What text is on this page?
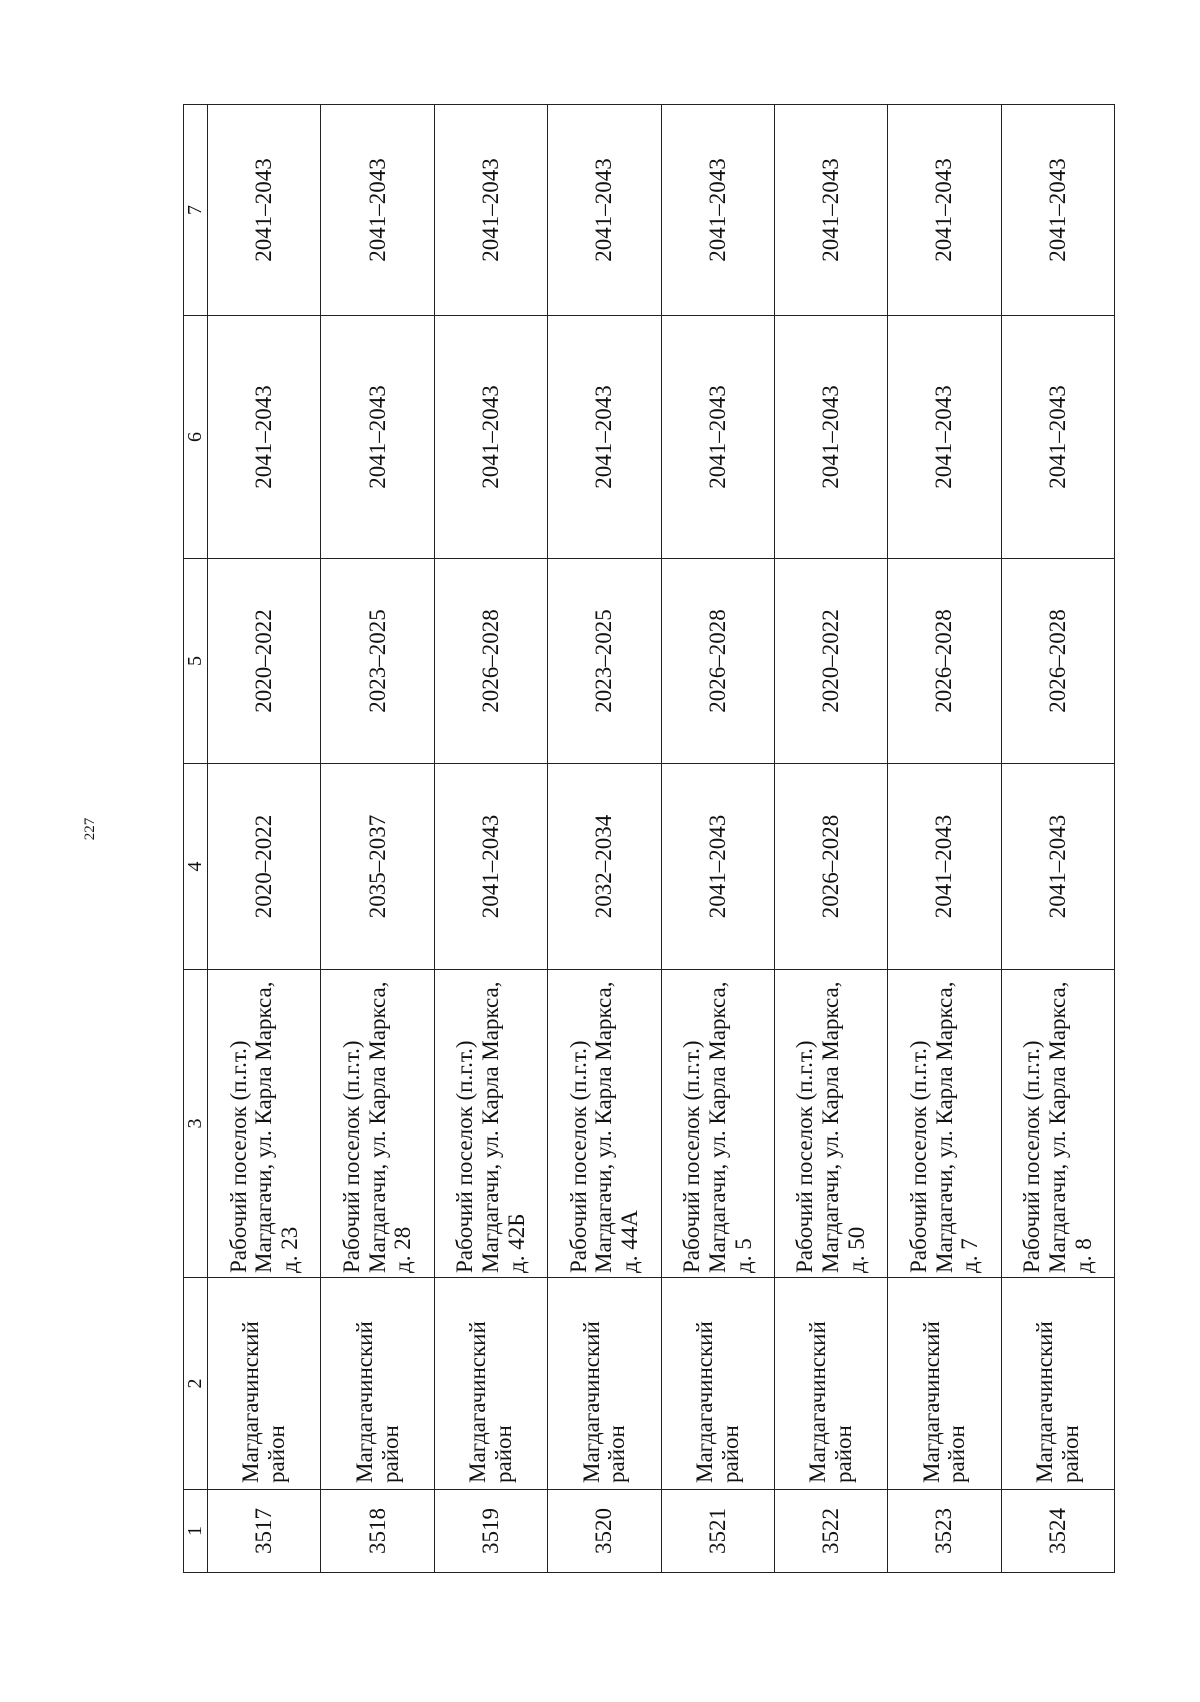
227
1	2	3	4	5	6	7
3517	Магдагачинский район	Рабочий поселок (п.г.т.) Магдагачи, ул. Карла Маркса, д. 23	2020–2022	2020–2022	2041–2043	2041–2043
3518	Магдагачинский район	Рабочий поселок (п.г.т.) Магдагачи, ул. Карла Маркса, д. 28	2035–2037	2023–2025	2041–2043	2041–2043
3519	Магдагачинский район	Рабочий поселок (п.г.т.) Магдагачи, ул. Карла Маркса, д. 42Б	2041–2043	2026–2028	2041–2043	2041–2043
3520	Магдагачинский район	Рабочий поселок (п.г.т.) Магдагачи, ул. Карла Маркса, д. 44А	2032–2034	2023–2025	2041–2043	2041–2043
3521	Магдагачинский район	Рабочий поселок (п.г.т.) Магдагачи, ул. Карла Маркса, д. 5	2041–2043	2026–2028	2041–2043	2041–2043
3522	Магдагачинский район	Рабочий поселок (п.г.т.) Магдагачи, ул. Карла Маркса, д. 50	2026–2028	2020–2022	2041–2043	2041–2043
3523	Магдагачинский район	Рабочий поселок (п.г.т.) Магдагачи, ул. Карла Маркса, д. 7	2041–2043	2026–2028	2041–2043	2041–2043
3524	Магдагачинский район	Рабочий поселок (п.г.т.) Магдагачи, ул. Карла Маркса, д. 8	2041–2043	2026–2028	2041–2043	2041–2043
